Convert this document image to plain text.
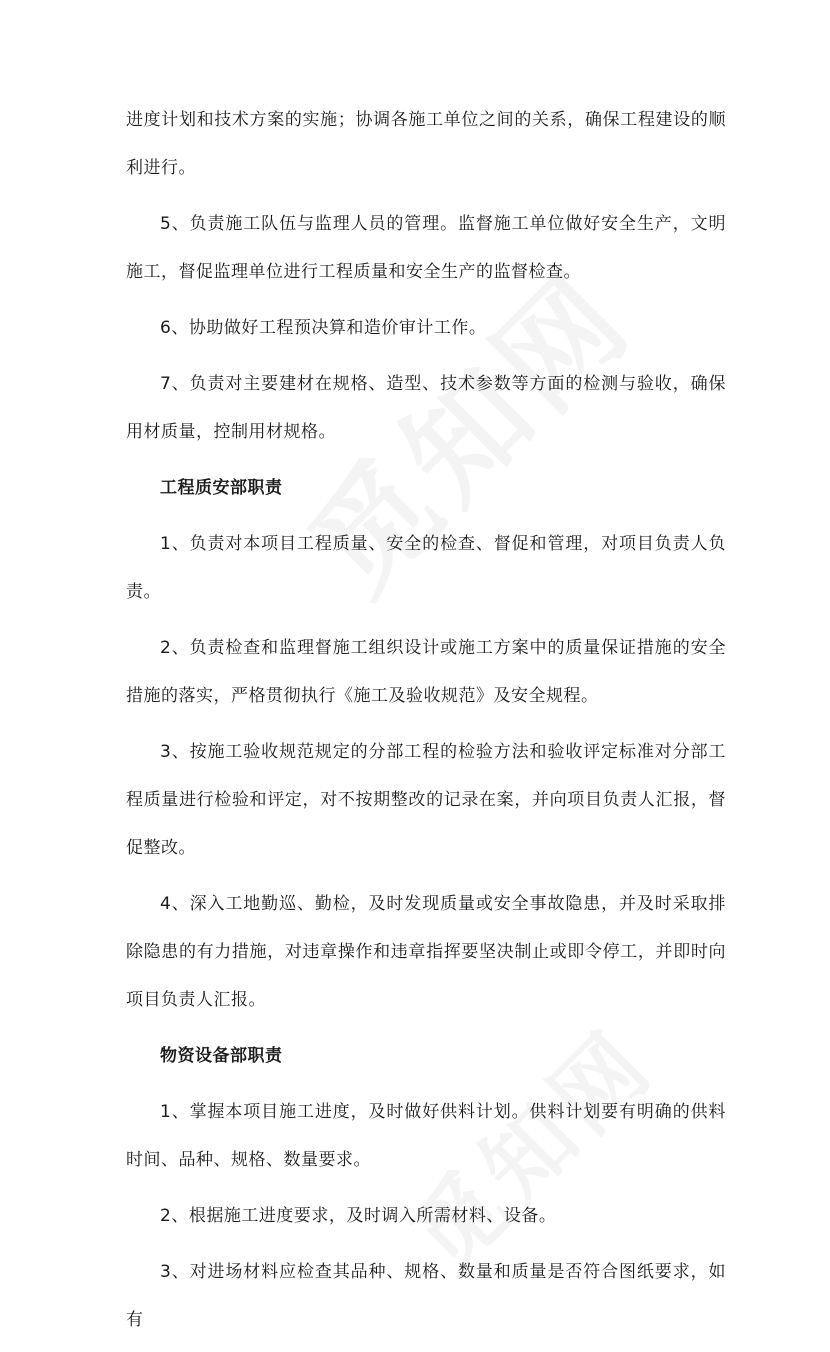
进度计划和技术方案的实施；协调各施工单位之间的关系，确保工程建设的顺利进行。

5、负责施工队伍与监理人员的管理。监督施工单位做好安全生产，文明施工，督促监理单位进行工程质量和安全生产的监督检查。

6、协助做好工程预决算和造价审计工作。

7、负责对主要建材在规格、造型、技术参数等方面的检测与验收，确保用材质量，控制用材规格。

工程质安部职责

1、负责对本项目工程质量、安全的检查、督促和管理，对项目负责人负责。

2、负责检查和监理督施工组织设计或施工方案中的质量保证措施的安全措施的落实，严格贯彻执行《施工及验收规范》及安全规程。

3、按施工验收规范规定的分部工程的检验方法和验收评定标准对分部工程质量进行检验和评定，对不按期整改的记录在案，并向项目负责人汇报，督促整改。

4、深入工地勤巡、勤检，及时发现质量或安全事故隐患，并及时采取排除隐患的有力措施，对违章操作和违章指挥要坚决制止或即令停工，并即时向项目负责人汇报。

物资设备部职责

1、掌握本项目施工进度，及时做好供料计划。供料计划要有明确的供料时间、品种、规格、数量要求。

2、根据施工进度要求，及时调入所需材料、设备。

3、对进场材料应检查其品种、规格、数量和质量是否符合图纸要求，如有
